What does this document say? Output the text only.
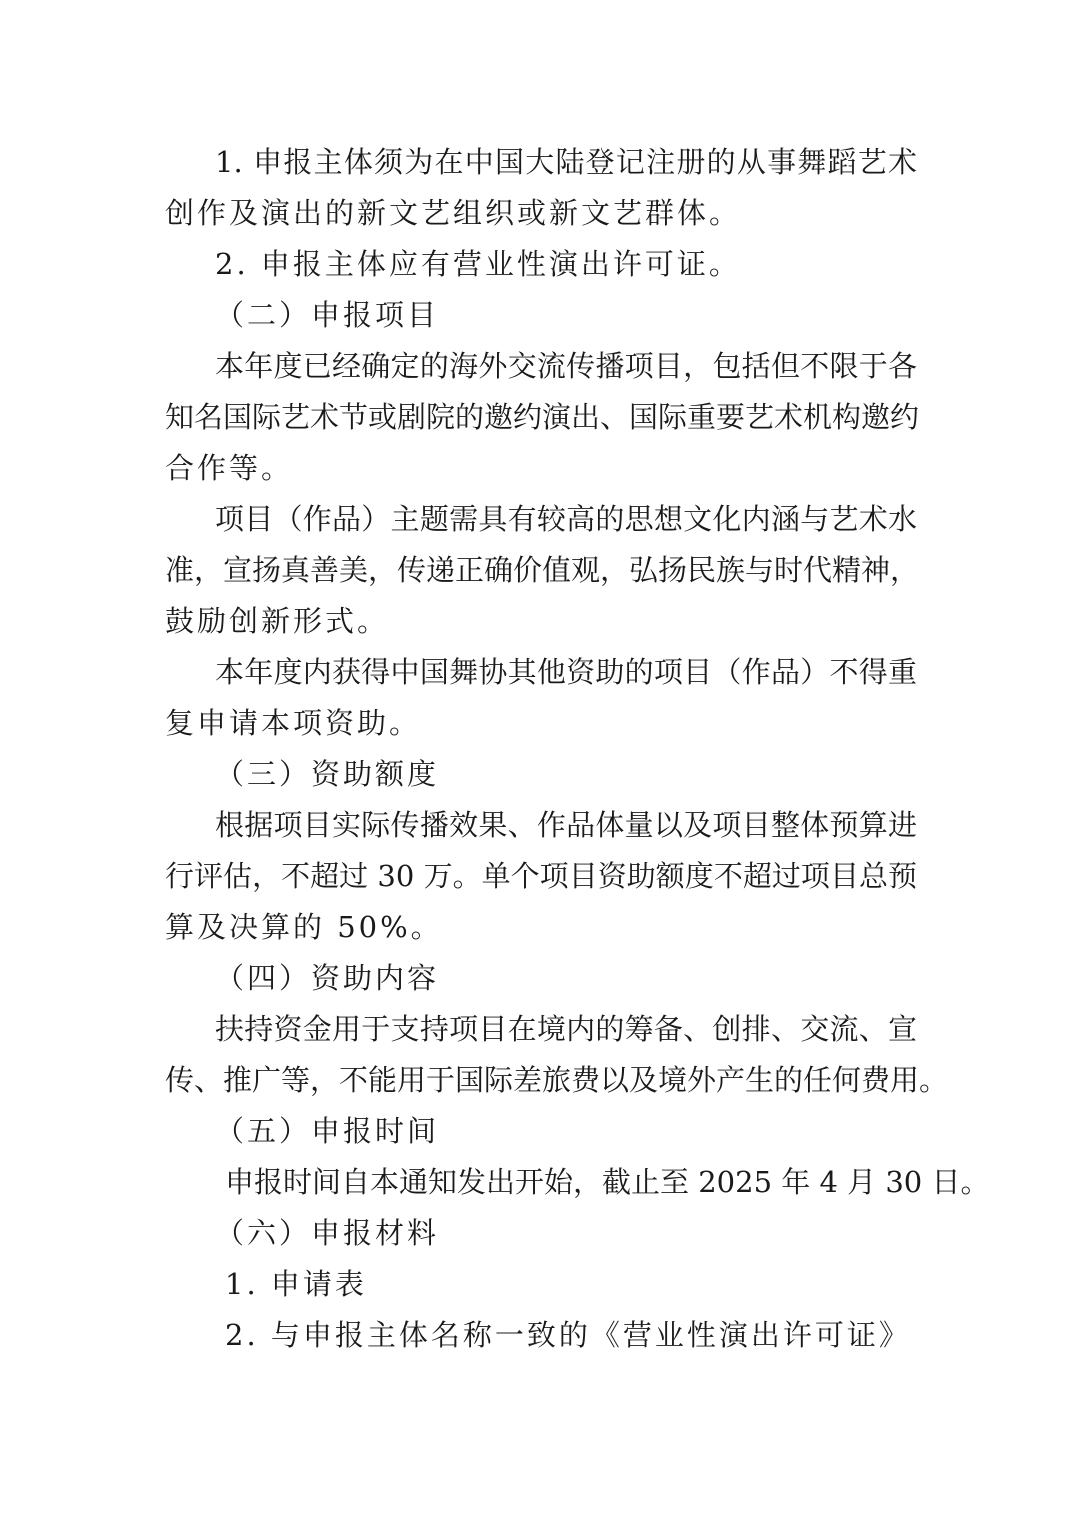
1. 申报主体须为在中国大陆登记注册的从事舞蹈艺术
创作及演出的新文艺组织或新文艺群体。
2. 申报主体应有营业性演出许可证。
（二）申报项目
本年度已经确定的海外交流传播项目，包括但不限于各
知名国际艺术节或剧院的邀约演出、国际重要艺术机构邀约
合作等。
项目（作品）主题需具有较高的思想文化内涵与艺术水
准，宣扬真善美，传递正确价值观，弘扬民族与时代精神，
鼓励创新形式。
本年度内获得中国舞协其他资助的项目（作品）不得重
复申请本项资助。
（三）资助额度
根据项目实际传播效果、作品体量以及项目整体预算进
行评估，不超过 30 万。单个项目资助额度不超过项目总预
算及决算的 50%。
（四）资助内容
扶持资金用于支持项目在境内的筹备、创排、交流、宣
传、推广等，不能用于国际差旅费以及境外产生的任何费用。
（五）申报时间
申报时间自本通知发出开始，截止至 2025 年 4 月 30 日。
（六）申报材料
1. 申请表
2. 与申报主体名称一致的《营业性演出许可证》
